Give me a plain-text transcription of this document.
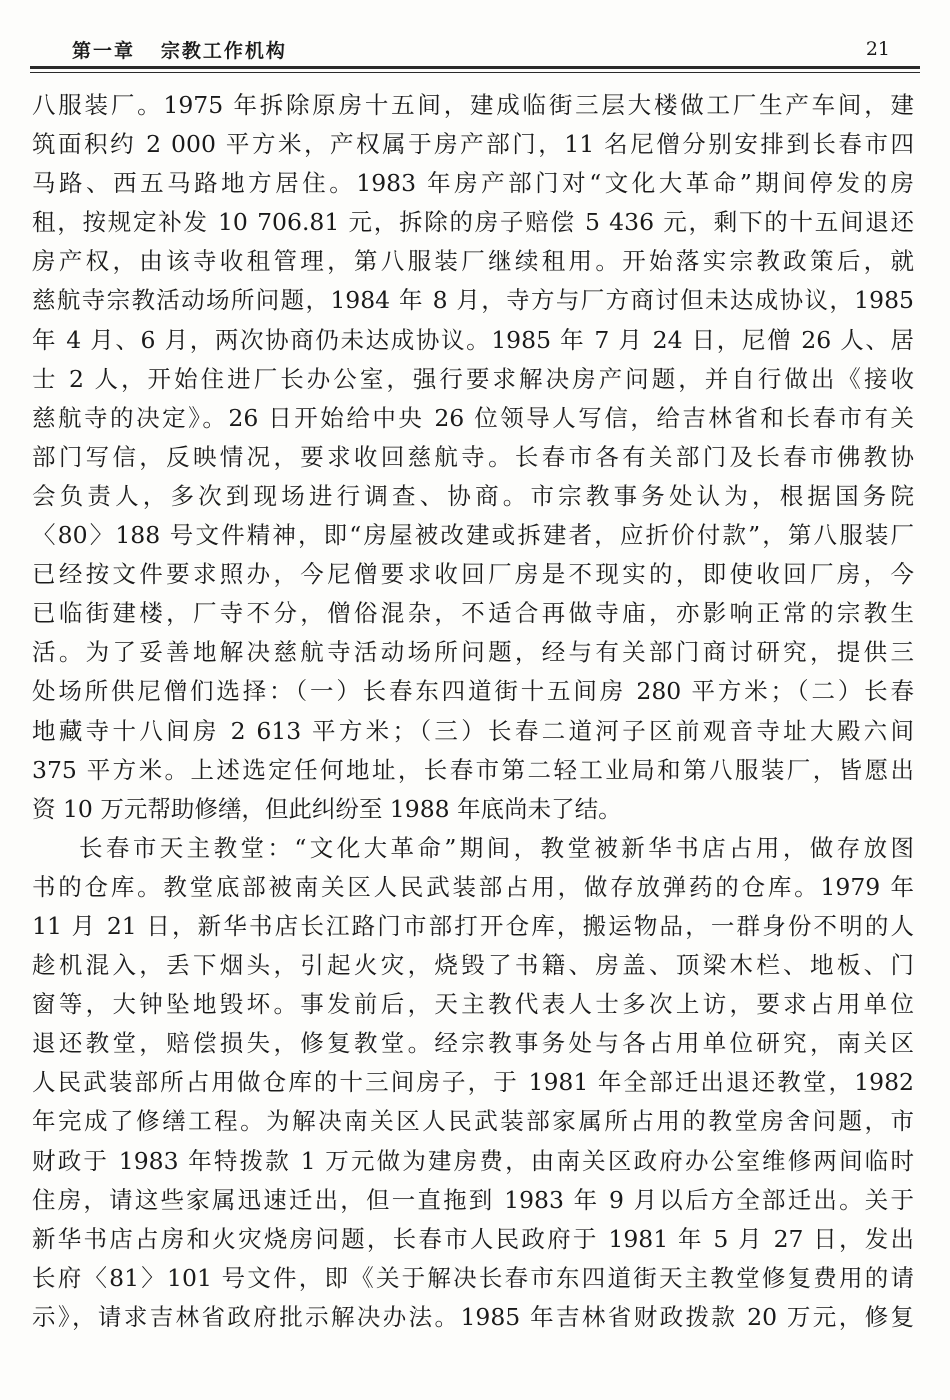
第一章   宗教工作机构	21
八服装厂。1975 年拆除原房十五间，建成临街三层大楼做工厂生产车间，建
筑面积约 2 000 平方米，产权属于房产部门，11 名尼僧分别安排到长春市四
马路、西五马路地方居住。1983 年房产部门对“文化大革命”期间停发的房
租，按规定补发 10 706.81 元，拆除的房子赔偿 5 436 元，剩下的十五间退还
房产权，由该寺收租管理，第八服装厂继续租用。开始落实宗教政策后，就
慈航寺宗教活动场所问题，1984 年 8 月，寺方与厂方商讨但未达成协议，1985
年 4 月、6 月，两次协商仍未达成协议。1985 年 7 月 24 日，尼僧 26 人、居
士 2 人，开始住进厂长办公室，强行要求解决房产问题，并自行做出《接收
慈航寺的决定》。26 日开始给中央 26 位领导人写信，给吉林省和长春市有关
部门写信，反映情况，要求收回慈航寺。长春市各有关部门及长春市佛教协
会负责人，多次到现场进行调查、协商。市宗教事务处认为，根据国务院
〈80〉188 号文件精神，即“房屋被改建或拆建者，应折价付款”，第八服装厂
已经按文件要求照办，今尼僧要求收回厂房是不现实的，即使收回厂房，今
已临街建楼，厂寺不分，僧俗混杂，不适合再做寺庙，亦影响正常的宗教生
活。为了妥善地解决慈航寺活动场所问题，经与有关部门商讨研究，提供三
处场所供尼僧们选择：（一）长春东四道街十五间房 280 平方米；（二）长春
地藏寺十八间房 2 613 平方米；（三）长春二道河子区前观音寺址大殿六间
375 平方米。上述选定任何地址，长春市第二轻工业局和第八服装厂，皆愿出
资 10 万元帮助修缮，但此纠纷至 1988 年底尚未了结。
长春市天主教堂：“文化大革命”期间，教堂被新华书店占用，做存放图
书的仓库。教堂底部被南关区人民武装部占用，做存放弹药的仓库。1979 年
11 月 21 日，新华书店长江路门市部打开仓库，搬运物品，一群身份不明的人
趁机混入，丢下烟头，引起火灾，烧毁了书籍、房盖、顶梁木栏、地板、门
窗等，大钟坠地毁坏。事发前后，天主教代表人士多次上访，要求占用单位
退还教堂，赔偿损失，修复教堂。经宗教事务处与各占用单位研究，南关区
人民武装部所占用做仓库的十三间房子，于 1981 年全部迁出退还教堂，1982
年完成了修缮工程。为解决南关区人民武装部家属所占用的教堂房舍问题，市
财政于 1983 年特拨款 1 万元做为建房费，由南关区政府办公室维修两间临时
住房，请这些家属迅速迁出，但一直拖到 1983 年 9 月以后方全部迁出。关于
新华书店占房和火灾烧房问题，长春市人民政府于 1981 年 5 月 27 日，发出
长府〈81〉101 号文件，即《关于解决长春市东四道街天主教堂修复费用的请
示》，请求吉林省政府批示解决办法。1985 年吉林省财政拨款 20 万元，修复
